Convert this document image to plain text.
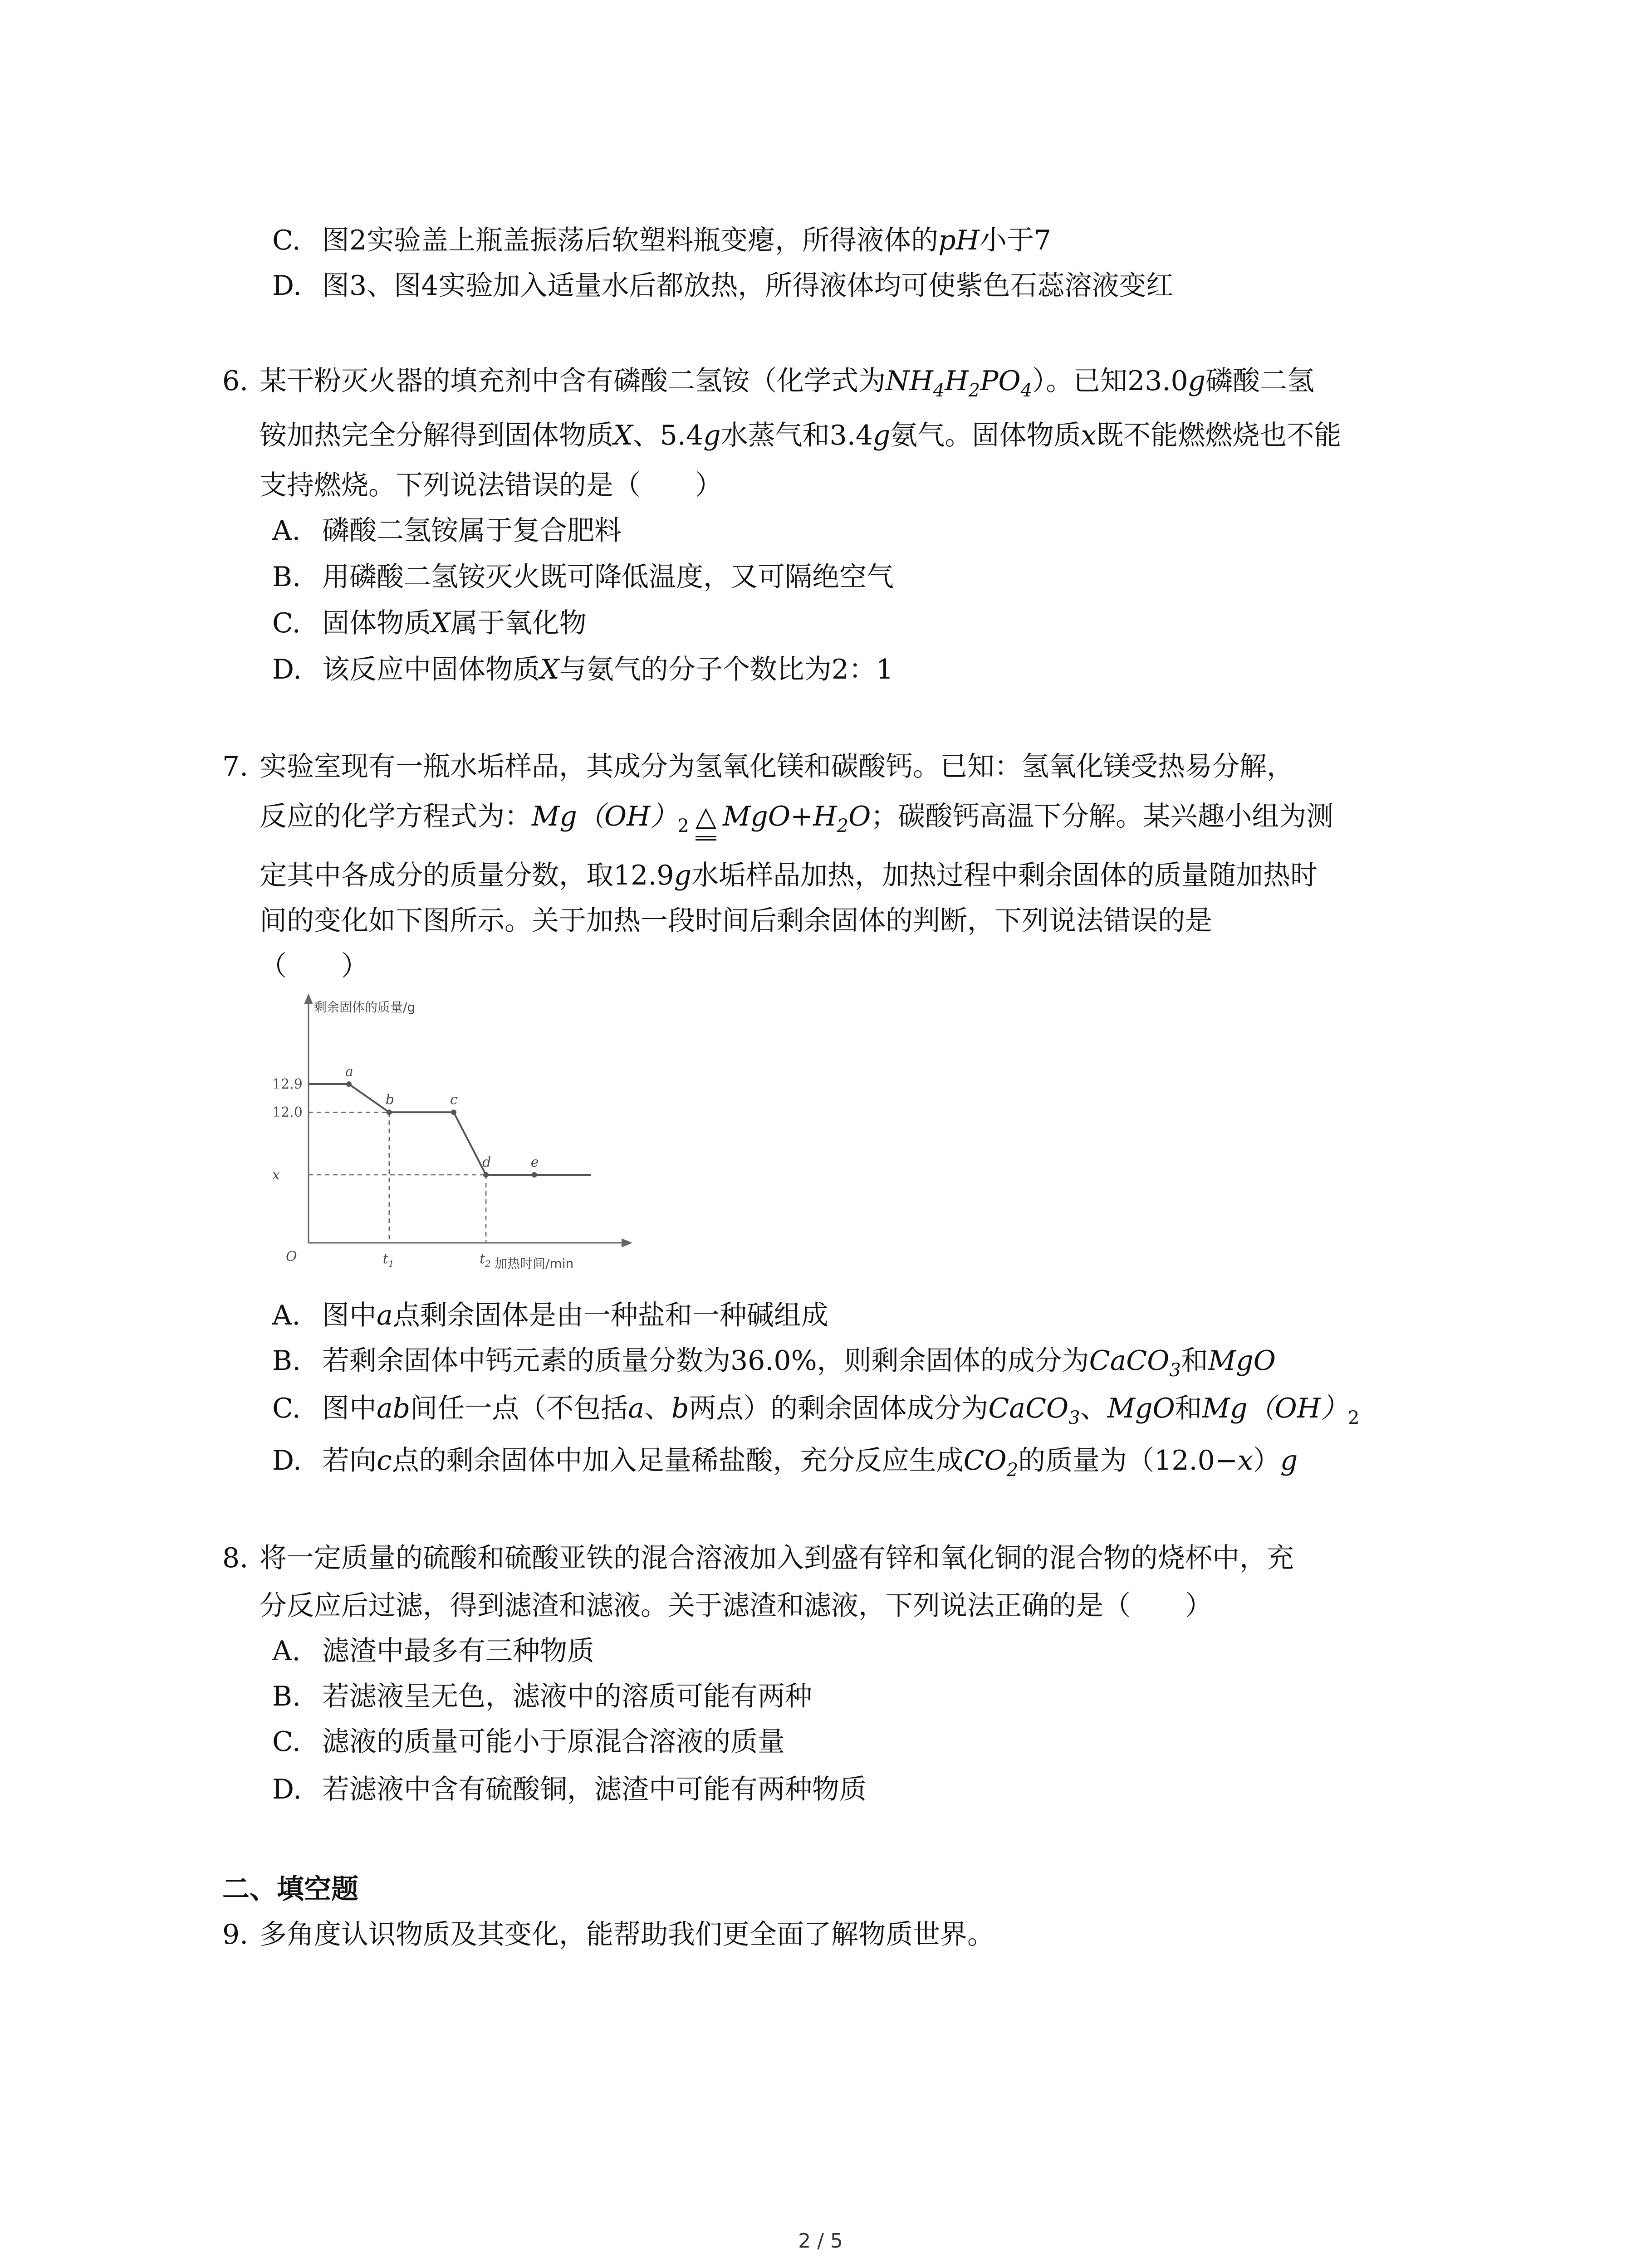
C. 图2实验盖上瓶盖振荡后软塑料瓶变瘪，所得液体的pH小于7
D. 图3、图4实验加入适量水后都放热，所得液体均可使紫色石蕊溶液变红
6. 某干粉灭火器的填充剂中含有磷酸二氢铵（化学式为$NH_4H_2PO_4$）。已知23.0g磷酸二氢
铵加热完全分解得到固体物质X、5.4g水蒸气和3.4g氨气。固体物质x既不能燃燃烧也不能
支持燃烧。下列说法错误的是（　　）
A. 磷酸二氢铵属于复合肥料
B. 用磷酸二氢铵灭火既可降低温度，又可隔绝空气
C. 固体物质X属于氧化物
D. 该反应中固体物质X与氨气的分子个数比为2：1
7. 实验室现有一瓶水垢样品，其成分为氢氧化镁和碳酸钙。已知：氢氧化镁受热易分解，
反应的化学方程式为：$Mg(OH)_2$ △ $MgO+H_2O$；碳酸钙高温下分解。某兴趣小组为测
定其中各成分的质量分数，取12.9g水垢样品加热，加热过程中剩余固体的质量随加热时
间的变化如下图所示。关于加热一段时间后剩余固体的判断，下列说法错误的是
（　　）
剩余固体的质量/g
加热时间/min
O
12.9
12.0
x
$t_1$	$t_2$
a
b	c
d	e
A. 图中a点剩余固体是由一种盐和一种碱组成
B. 若剩余固体中钙元素的质量分数为36.0%，则剩余固体的成分为CaCO$_3$和MgO
C. 图中ab间任一点（不包括a、b两点）的剩余固体成分为CaCO$_3$、MgO和$Mg(OH)_2$
D. 若向c点的剩余固体中加入足量稀盐酸，充分反应生成$CO_2$的质量为（12.0−x）g
8. 将一定质量的硫酸和硫酸亚铁的混合溶液加入到盛有锌和氧化铜的混合物的烧杯中，充
分反应后过滤，得到滤渣和滤液。关于滤渣和滤液，下列说法正确的是（　　）
A. 滤渣中最多有三种物质
B. 若滤液呈无色，滤液中的溶质可能有两种
C. 滤液的质量可能小于原混合溶液的质量
D. 若滤液中含有硫酸铜，滤渣中可能有两种物质
二、填空题
9. 多角度认识物质及其变化，能帮助我们更全面了解物质世界。
2 / 5
